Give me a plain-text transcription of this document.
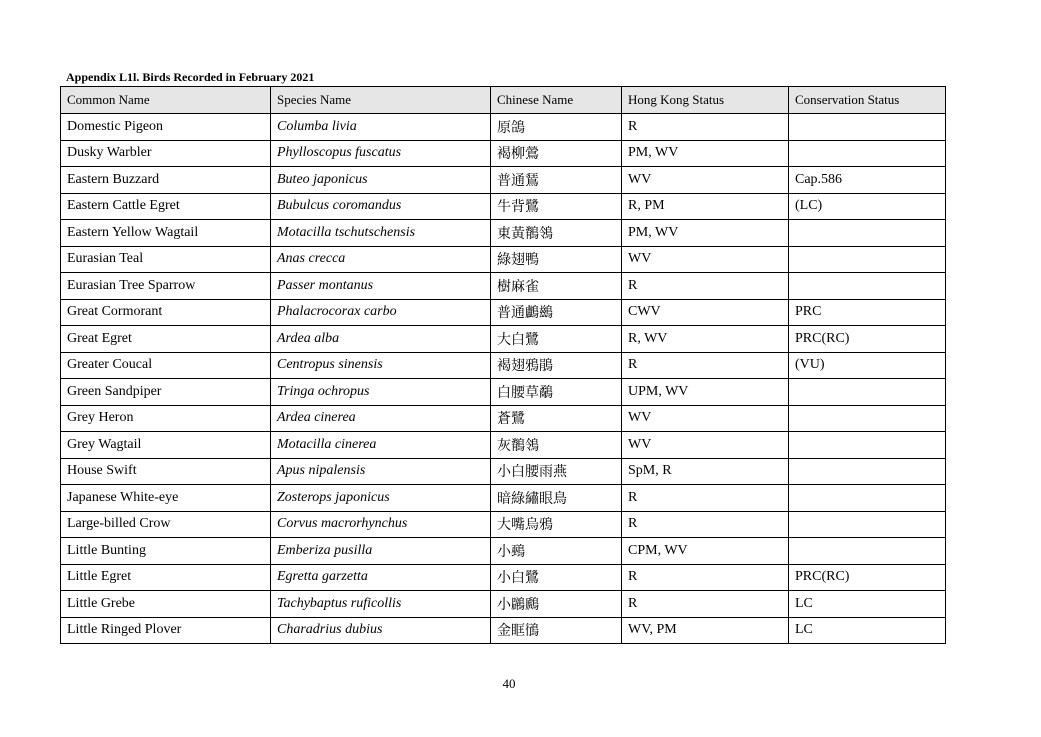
Appendix L1l. Birds Recorded in February 2021
Common Name	Species Name	Chinese Name	Hong Kong Status	Conservation Status
Domestic Pigeon	Columba livia	原鴿	R	
Dusky Warbler	Phylloscopus fuscatus	褐柳鶯	PM, WV	
Eastern Buzzard	Buteo japonicus	普通鵟	WV	Cap.586
Eastern Cattle Egret	Bubulcus coromandus	牛背鷺	R, PM	(LC)
Eastern Yellow Wagtail	Motacilla tschutschensis	東黃鶺鴒	PM, WV	
Eurasian Teal	Anas crecca	綠翅鴨	WV	
Eurasian Tree Sparrow	Passer montanus	樹麻雀	R	
Great Cormorant	Phalacrocorax carbo	普通鸕鷀	CWV	PRC
Great Egret	Ardea alba	大白鷺	R, WV	PRC(RC)
Greater Coucal	Centropus sinensis	褐翅鴉鵑	R	(VU)
Green Sandpiper	Tringa ochropus	白腰草鷸	UPM, WV	
Grey Heron	Ardea cinerea	蒼鷺	WV	
Grey Wagtail	Motacilla cinerea	灰鶺鴒	WV	
House Swift	Apus nipalensis	小白腰雨燕	SpM, R	
Japanese White-eye	Zosterops japonicus	暗綠繡眼鳥	R	
Large-billed Crow	Corvus macrorhynchus	大嘴烏鴉	R	
Little Bunting	Emberiza pusilla	小鵐	CPM, WV	
Little Egret	Egretta garzetta	小白鷺	R	PRC(RC)
Little Grebe	Tachybaptus ruficollis	小鸊鷉	R	LC
Little Ringed Plover	Charadrius dubius	金眶鴴	WV, PM	LC
40
